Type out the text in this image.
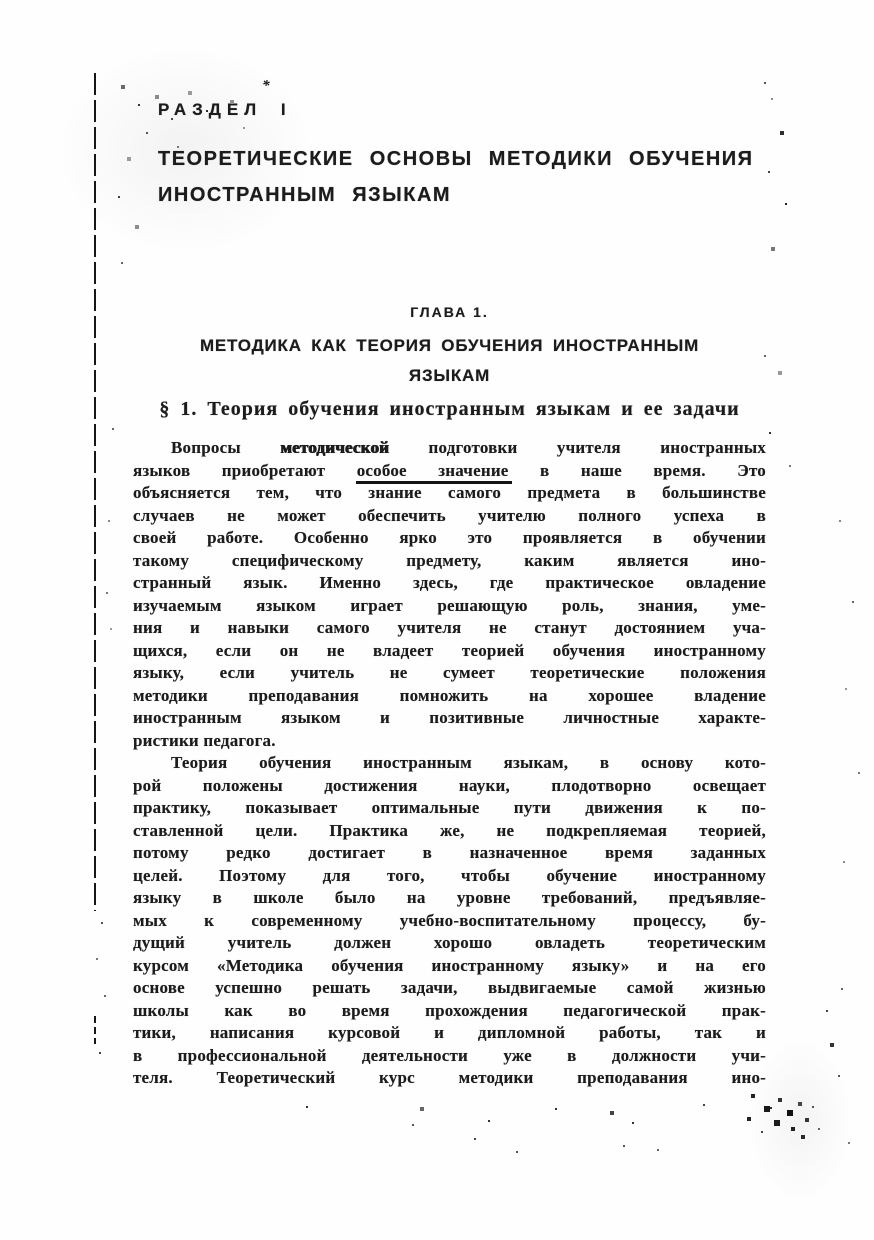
*
РАЗДЕЛ I
ТЕОРЕТИЧЕСКИЕ ОСНОВЫ МЕТОДИКИ ОБУЧЕНИЯ
ИНОСТРАННЫМ ЯЗЫКАМ
ГЛАВА 1.
МЕТОДИКА КАК ТЕОРИЯ ОБУЧЕНИЯ ИНОСТРАННЫМ
ЯЗЫКАМ
§ 1. Теория обучения иностранным языкам и ее задачи
Вопросы методической подготовки учителя иностранных
языков приобретают особое значение в наше время. Это
объясняется тем, что знание самого предмета в большинстве
случаев не может обеспечить учителю полного успеха в
своей работе. Особенно ярко это проявляется в обучении
такому специфическому предмету, каким является ино-
странный язык. Именно здесь, где практическое овладение
изучаемым языком играет решающую роль, знания, уме-
ния и навыки самого учителя не станут достоянием уча-
щихся, если он не владеет теорией обучения иностранному
языку, если учитель не сумеет теоретические положения
методики преподавания помножить на хорошее владение
иностранным языком и позитивные личностные характе-
ристики педагога.
Теория обучения иностранным языкам, в основу кото-
рой положены достижения науки, плодотворно освещает
практику, показывает оптимальные пути движения к по-
ставленной цели. Практика же, не подкрепляемая теорией,
потому редко достигает в назначенное время заданных
целей. Поэтому для того, чтобы обучение иностранному
языку в школе было на уровне требований, предъявляе-
мых к современному учебно-воспитательному процессу, бу-
дущий учитель должен хорошо овладеть теоретическим
курсом «Методика обучения иностранному языку» и на его
основе успешно решать задачи, выдвигаемые самой жизнью
школы как во время прохождения педагогической прак-
тики, написания курсовой и дипломной работы, так и
в профессиональной деятельности уже в должности учи-
теля. Теоретический курс методики преподавания ино-
